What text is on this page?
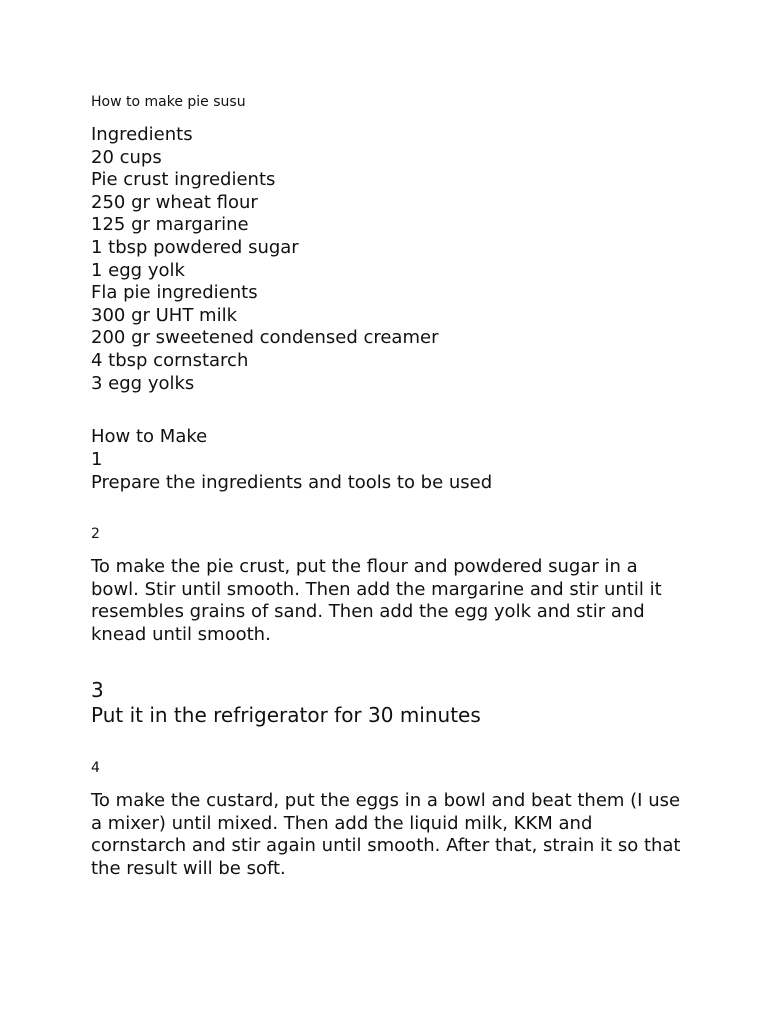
How to make pie susu
Ingredients
20 cups
Pie crust ingredients
250 gr wheat flour
125 gr margarine
1 tbsp powdered sugar
1 egg yolk
Fla pie ingredients
300 gr UHT milk
200 gr sweetened condensed creamer
4 tbsp cornstarch
3 egg yolks
How to Make
1
Prepare the ingredients and tools to be used
2

To make the pie crust, put the flour and powdered sugar in a bowl. Stir until smooth. Then add the margarine and stir until it resembles grains of sand. Then add the egg yolk and stir and knead until smooth.

3
Put it in the refrigerator for 30 minutes
4

To make the custard, put the eggs in a bowl and beat them (I use a mixer) until mixed. Then add the liquid milk, KKM and cornstarch and stir again until smooth. After that, strain it so that the result will be soft.
